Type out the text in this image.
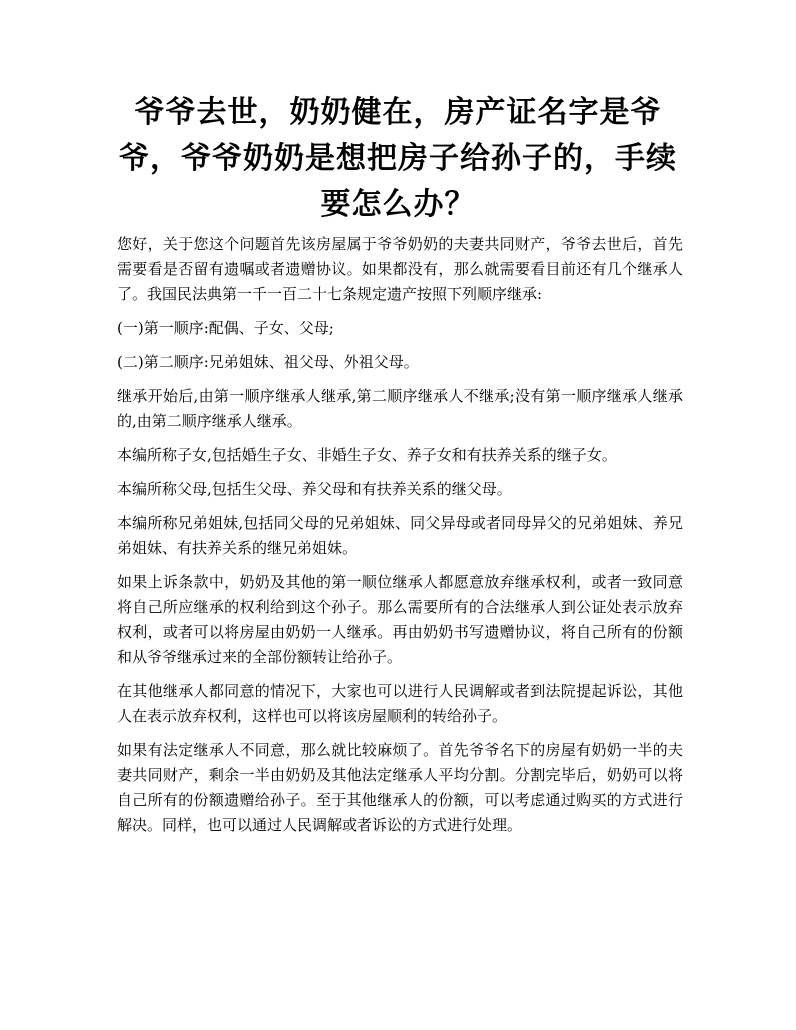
爷爷去世，奶奶健在，房产证名字是爷爷，爷爷奶奶是想把房子给孙子的，手续要怎么办？

您好，关于您这个问题首先该房屋属于爷爷奶奶的夫妻共同财产，爷爷去世后，首先需要看是否留有遗嘱或者遗赠协议。如果都没有，那么就需要看目前还有几个继承人了。我国民法典第一千一百二十七条规定遗产按照下列顺序继承:

(一)第一顺序:配偶、子女、父母;

(二)第二顺序:兄弟姐妹、祖父母、外祖父母。

继承开始后,由第一顺序继承人继承,第二顺序继承人不继承;没有第一顺序继承人继承的,由第二顺序继承人继承。

本编所称子女,包括婚生子女、非婚生子女、养子女和有扶养关系的继子女。

本编所称父母,包括生父母、养父母和有扶养关系的继父母。

本编所称兄弟姐妹,包括同父母的兄弟姐妹、同父异母或者同母异父的兄弟姐妹、养兄弟姐妹、有扶养关系的继兄弟姐妹。

如果上诉条款中，奶奶及其他的第一顺位继承人都愿意放弃继承权利，或者一致同意将自己所应继承的权利给到这个孙子。那么需要所有的合法继承人到公证处表示放弃权利，或者可以将房屋由奶奶一人继承。再由奶奶书写遗赠协议，将自己所有的份额和从爷爷继承过来的全部份额转让给孙子。

在其他继承人都同意的情况下，大家也可以进行人民调解或者到法院提起诉讼，其他人在表示放弃权利，这样也可以将该房屋顺利的转给孙子。

如果有法定继承人不同意，那么就比较麻烦了。首先爷爷名下的房屋有奶奶一半的夫妻共同财产，剩余一半由奶奶及其他法定继承人平均分割。分割完毕后，奶奶可以将自己所有的份额遗赠给孙子。至于其他继承人的份额，可以考虑通过购买的方式进行解决。同样，也可以通过人民调解或者诉讼的方式进行处理。
